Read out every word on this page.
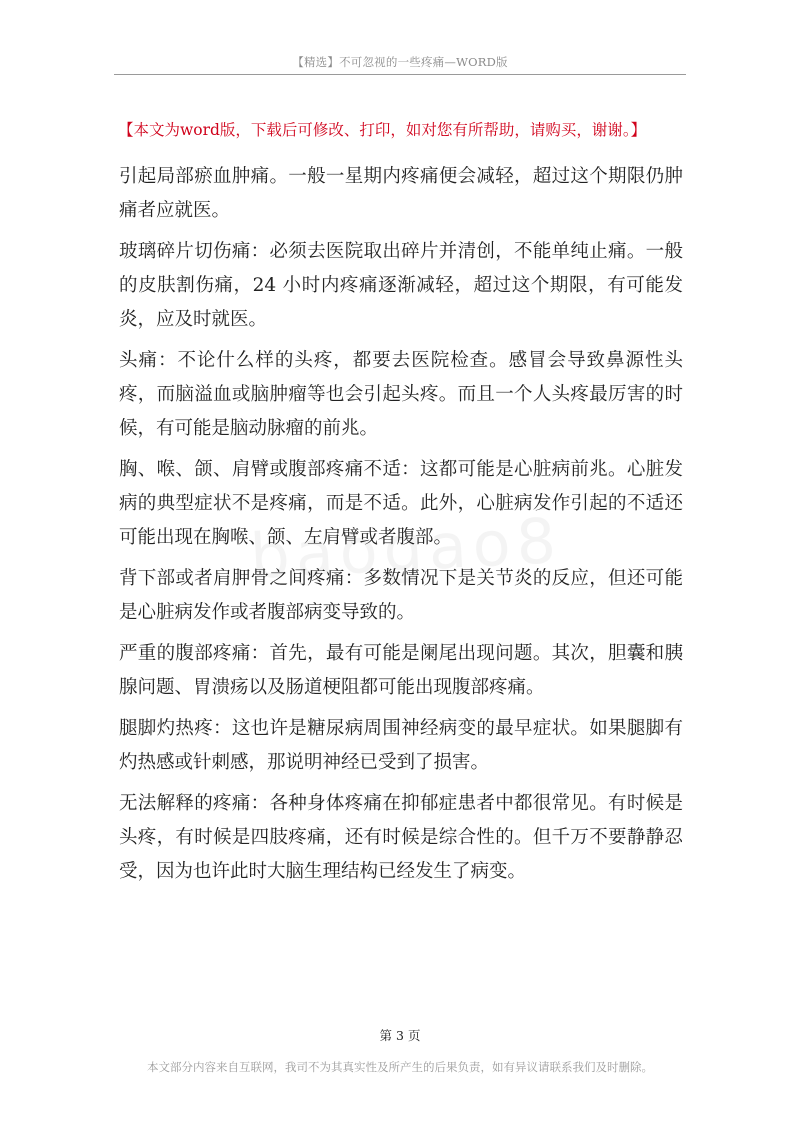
【精选】不可忽视的一些疼痛—WORD版
【本文为word版，下载后可修改、打印，如对您有所帮助，请购买，谢谢。】

引起局部瘀血肿痛。一般一星期内疼痛便会减轻，超过这个期限仍肿痛者应就医。

玻璃碎片切伤痛：必须去医院取出碎片并清创，不能单纯止痛。一般的皮肤割伤痛，24 小时内疼痛逐渐减轻，超过这个期限，有可能发炎，应及时就医。

头痛：不论什么样的头疼，都要去医院检查。感冒会导致鼻源性头疼，而脑溢血或脑肿瘤等也会引起头疼。而且一个人头疼最厉害的时候，有可能是脑动脉瘤的前兆。

胸、喉、颌、肩臂或腹部疼痛不适：这都可能是心脏病前兆。心脏发病的典型症状不是疼痛，而是不适。此外，心脏病发作引起的不适还可能出现在胸喉、颌、左肩臂或者腹部。

背下部或者肩胛骨之间疼痛：多数情况下是关节炎的反应，但还可能是心脏病发作或者腹部病变导致的。

严重的腹部疼痛：首先，最有可能是阑尾出现问题。其次，胆囊和胰腺问题、胃溃疡以及肠道梗阻都可能出现腹部疼痛。

腿脚灼热疼：这也许是糖尿病周围神经病变的最早症状。如果腿脚有灼热感或针刺感，那说明神经已受到了损害。

无法解释的疼痛：各种身体疼痛在抑郁症患者中都很常见。有时候是头疼，有时候是四肢疼痛，还有时候是综合性的。但千万不要静静忍受，因为也许此时大脑生理结构已经发生了病变。

第 3 页
本文部分内容来自互联网，我司不为其真实性及所产生的后果负责，如有异议请联系我们及时删除。
